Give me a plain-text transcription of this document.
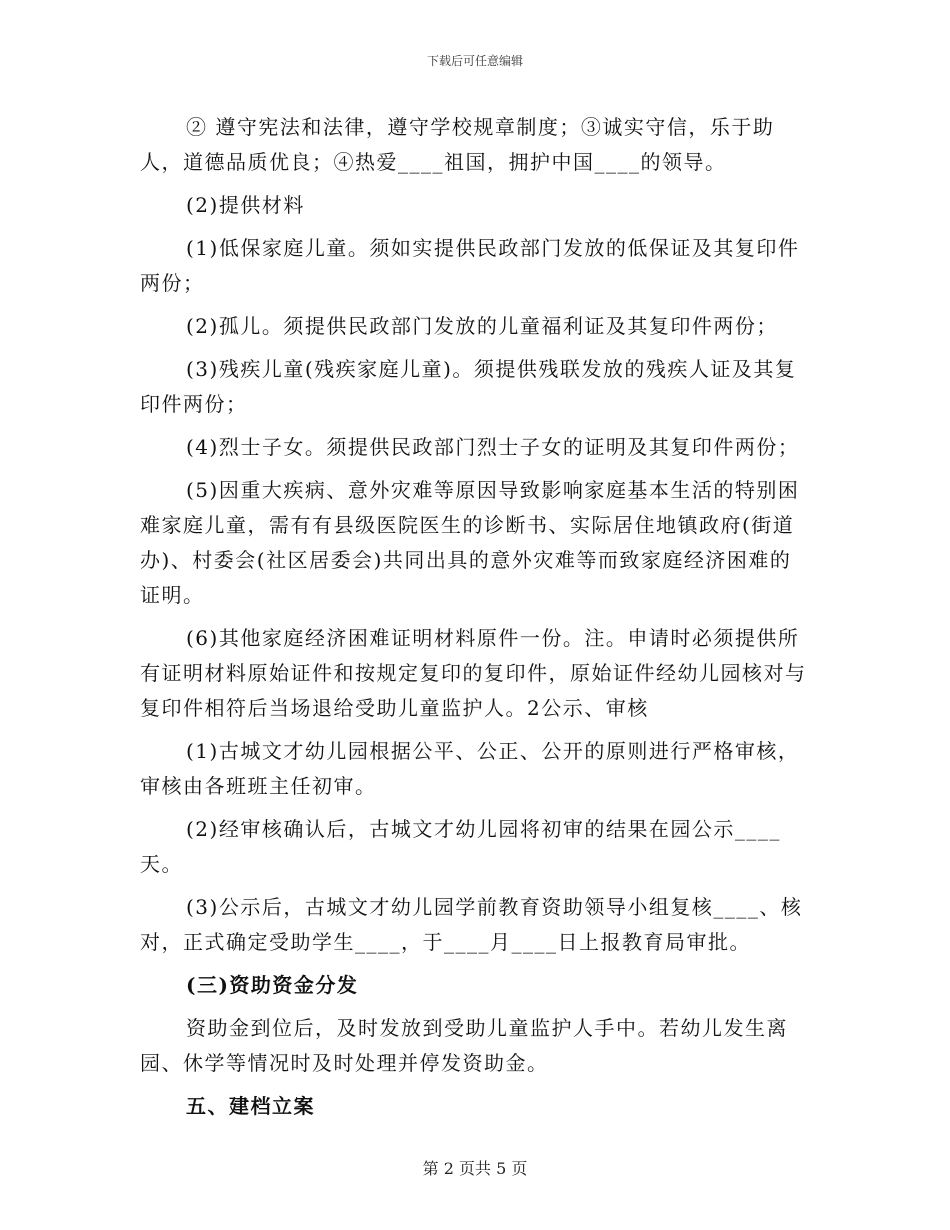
下载后可任意编辑

② 遵守宪法和法律，遵守学校规章制度；③诚实守信，乐于助人，道德品质优良；④热爱____祖国，拥护中国____的领导。

(2)提供材料

(1)低保家庭儿童。须如实提供民政部门发放的低保证及其复印件两份；

(2)孤儿。须提供民政部门发放的儿童福利证及其复印件两份；

(3)残疾儿童(残疾家庭儿童)。须提供残联发放的残疾人证及其复印件两份；

(4)烈士子女。须提供民政部门烈士子女的证明及其复印件两份；

(5)因重大疾病、意外灾难等原因导致影响家庭基本生活的特别困难家庭儿童，需有有县级医院医生的诊断书、实际居住地镇政府(街道办)、村委会(社区居委会)共同出具的意外灾难等而致家庭经济困难的证明。

(6)其他家庭经济困难证明材料原件一份。注。申请时必须提供所有证明材料原始证件和按规定复印的复印件，原始证件经幼儿园核对与复印件相符后当场退给受助儿童监护人。2公示、审核

(1)古城文才幼儿园根据公平、公正、公开的原则进行严格审核，审核由各班班主任初审。

(2)经审核确认后，古城文才幼儿园将初审的结果在园公示____天。

(3)公示后，古城文才幼儿园学前教育资助领导小组复核____、核对，正式确定受助学生____，于____月____日上报教育局审批。

(三)资助资金分发

资助金到位后，及时发放到受助儿童监护人手中。若幼儿发生离园、休学等情况时及时处理并停发资助金。

五、建档立案

第 2 页共 5 页
